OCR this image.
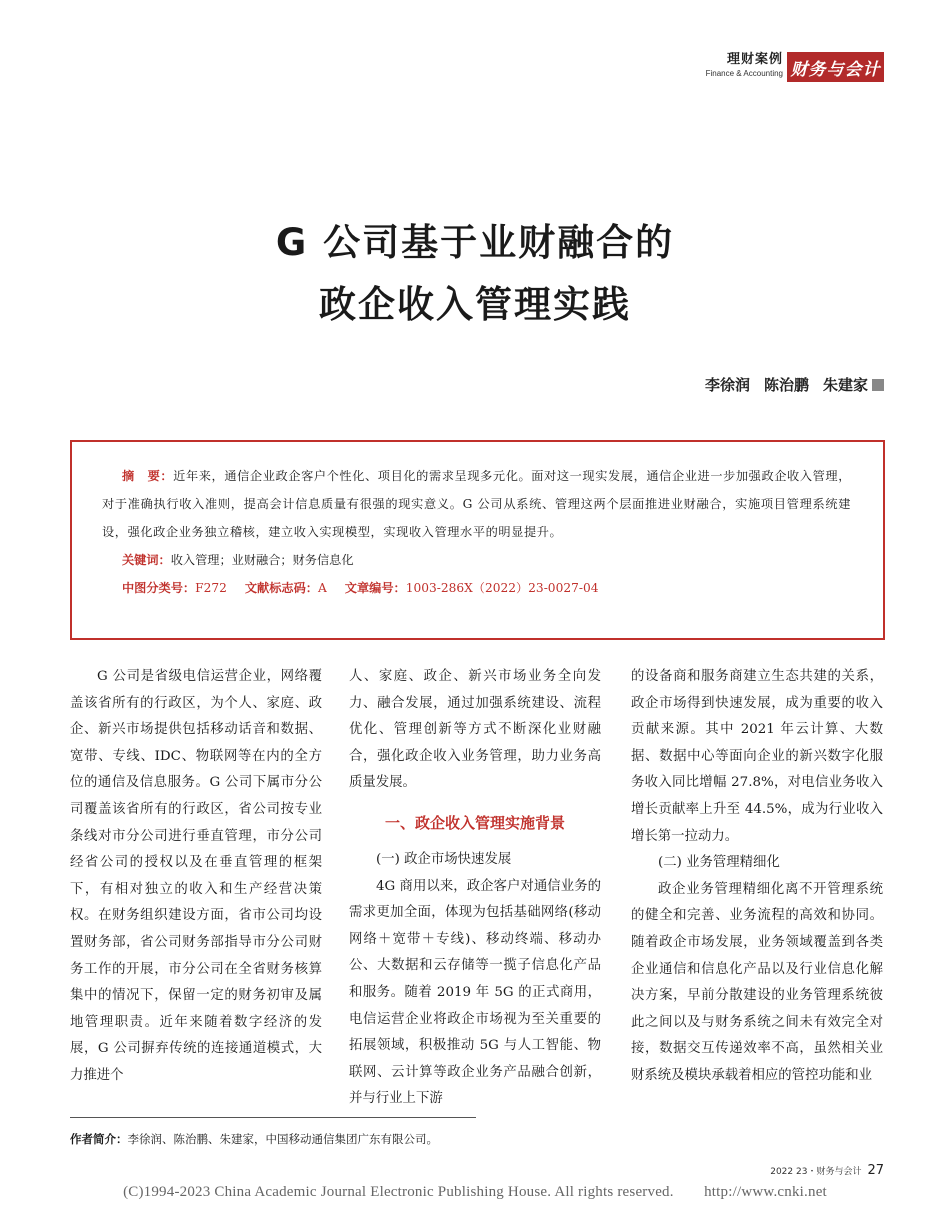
理财案例
Finance & Accounting 财务与会计
G 公司基于业财融合的
政企收入管理实践
李徐润 陈治鹏 朱建家

摘　要：近年来，通信企业政企客户个性化、项目化的需求呈现多元化。面对这一现实发展，通信企业进一步加强政企收入管理，对于准确执行收入准则，提高会计信息质量有很强的现实意义。G 公司从系统、管理这两个层面推进业财融合，实施项目管理系统建设，强化政企业务独立稽核，建立收入实现模型，实现收入管理水平的明显提升。

关键词：收入管理；业财融合；财务信息化

中图分类号：F272 文献标志码：A 文章编号：1003-286X（2022）23-0027-04

G 公司是省级电信运营企业，网络覆盖该省所有的行政区，为个人、家庭、政企、新兴市场提供包括移动话音和数据、宽带、专线、IDC、物联网等在内的全方位的通信及信息服务。G 公司下属市分公司覆盖该省所有的行政区，省公司按专业条线对市分公司进行垂直管理，市分公司经省公司的授权以及在垂直管理的框架下，有相对独立的收入和生产经营决策权。在财务组织建设方面，省市公司均设置财务部，省公司财务部指导市分公司财务工作的开展，市分公司在全省财务核算集中的情况下，保留一定的财务初审及属地管理职责。近年来随着数字经济的发展，G 公司摒弃传统的连接通道模式，大力推进个

人、家庭、政企、新兴市场业务全向发力、融合发展，通过加强系统建设、流程优化、管理创新等方式不断深化业财融合，强化政企收入业务管理，助力业务高质量发展。

一、政企收入管理实施背景

(一) 政企市场快速发展

4G 商用以来，政企客户对通信业务的需求更加全面，体现为包括基础网络(移动网络＋宽带＋专线)、移动终端、移动办公、大数据和云存储等一揽子信息化产品和服务。随着 2019 年 5G 的正式商用，电信运营企业将政企市场视为至关重要的拓展领域，积极推动 5G 与人工智能、物联网、云计算等政企业务产品融合创新，并与行业上下游

的设备商和服务商建立生态共建的关系，政企市场得到快速发展，成为重要的收入贡献来源。其中 2021 年云计算、大数据、数据中心等面向企业的新兴数字化服务收入同比增幅 27.8%，对电信业务收入增长贡献率上升至 44.5%，成为行业收入增长第一拉动力。

(二) 业务管理精细化

政企业务管理精细化离不开管理系统的健全和完善、业务流程的高效和协同。随着政企市场发展，业务领域覆盖到各类企业通信和信息化产品以及行业信息化解决方案，早前分散建设的业务管理系统彼此之间以及与财务系统之间未有效完全对接，数据交互传递效率不高，虽然相关业财系统及模块承载着相应的管控功能和业

作者简介：李徐润、陈治鹏、朱建家，中国移动通信集团广东有限公司。
2022 23・财务与会计 27
(C)1994-2023 China Academic Journal Electronic Publishing House. All rights reserved.　　http://www.cnki.net
